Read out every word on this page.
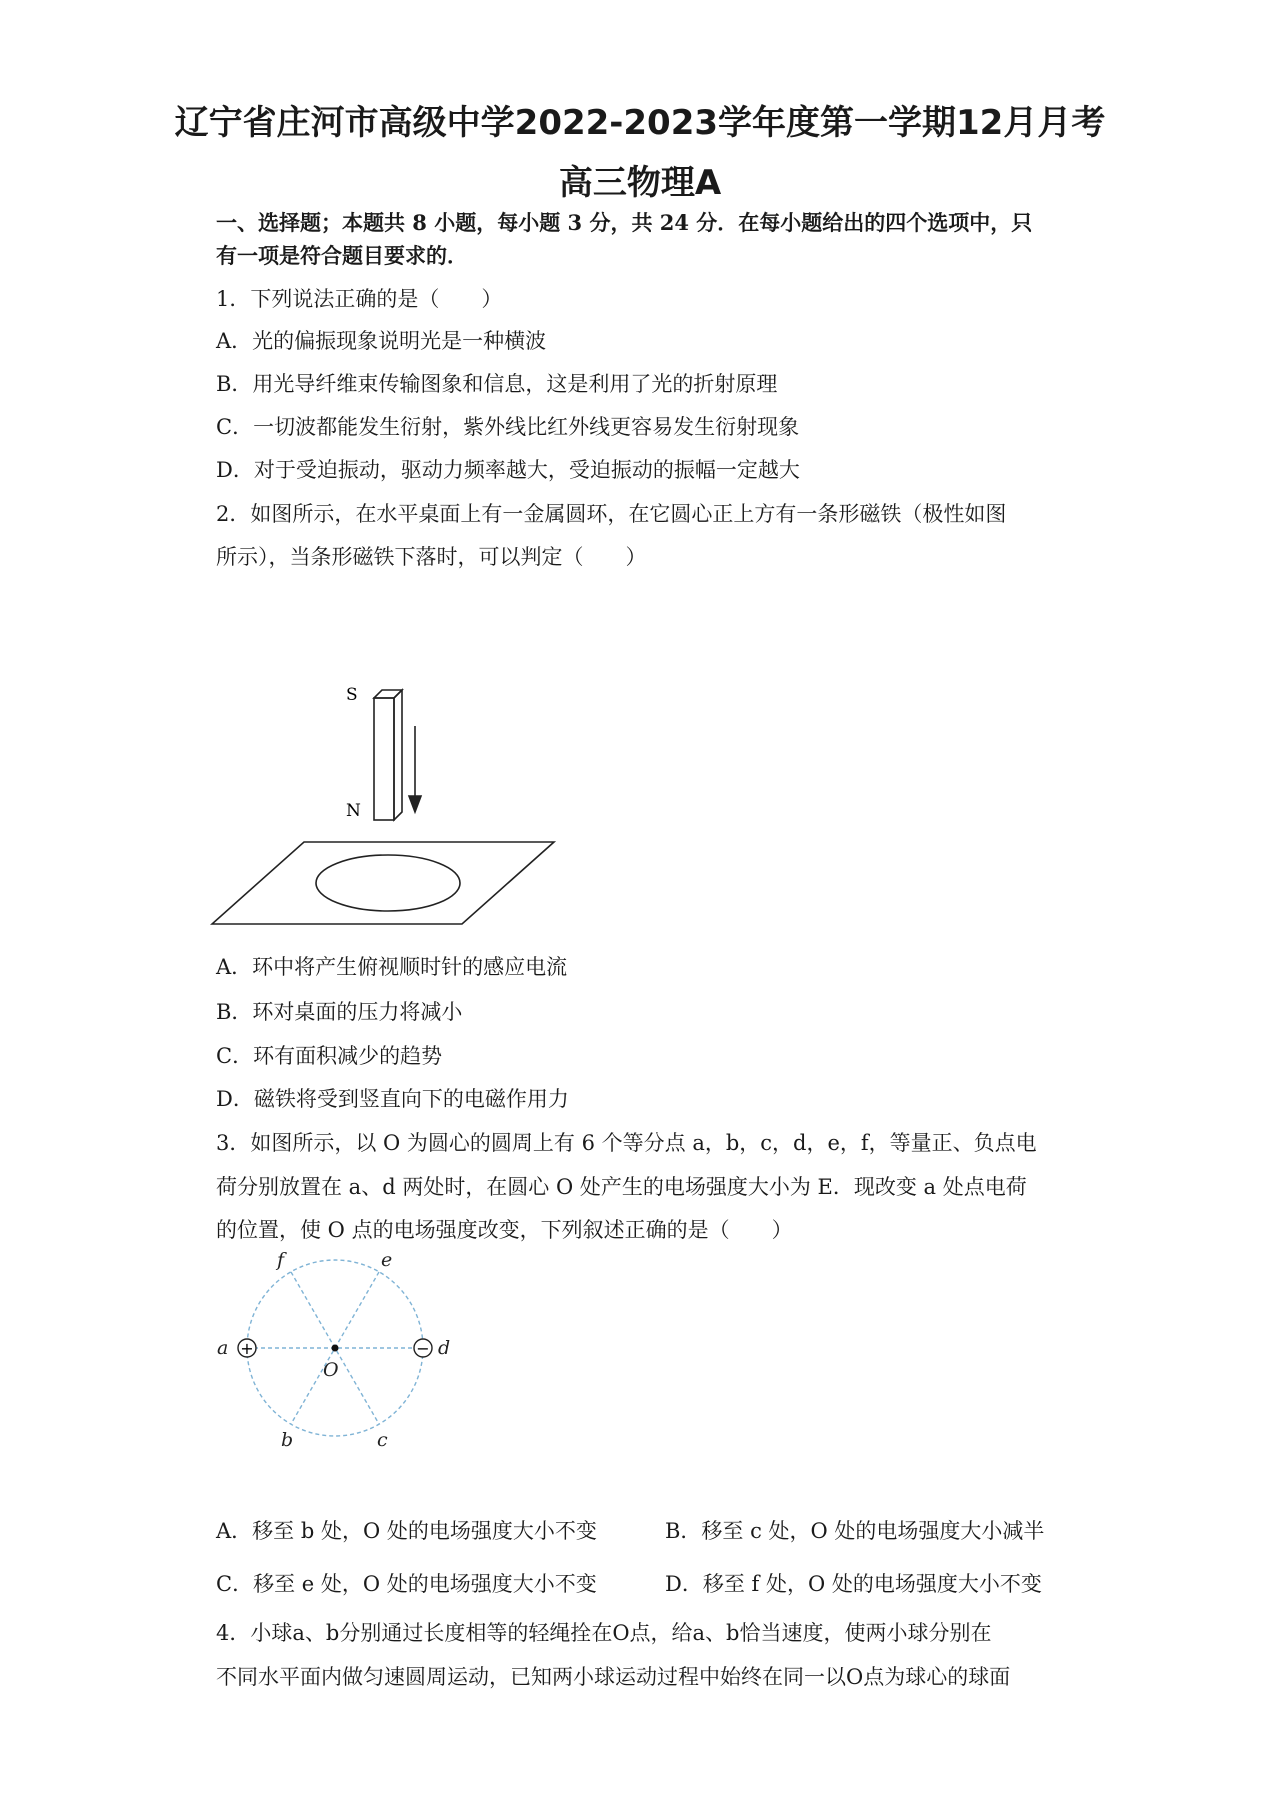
辽宁省庄河市高级中学2022-2023学年度第一学期12月月考
高三物理A
一、选择题；本题共 8 小题，每小题 3 分，共 24 分．在每小题给出的四个选项中，只
有一项是符合题目要求的．
1．下列说法正确的是（　　）
A．光的偏振现象说明光是一种横波
B．用光导纤维束传输图象和信息，这是利用了光的折射原理
C．一切波都能发生衍射，紫外线比红外线更容易发生衍射现象
D．对于受迫振动，驱动力频率越大，受迫振动的振幅一定越大
2．如图所示，在水平桌面上有一金属圆环，在它圆心正上方有一条形磁铁（极性如图
所示），当条形磁铁下落时，可以判定（　　）
S
N
A．环中将产生俯视顺时针的感应电流
B．环对桌面的压力将减小
C．环有面积减少的趋势
D．磁铁将受到竖直向下的电磁作用力
3．如图所示，以 O 为圆心的圆周上有 6 个等分点 a，b，c，d，e，f，等量正、负点电
荷分别放置在 a、d 两处时，在圆心 O 处产生的电场强度大小为 E．现改变 a 处点电荷
的位置，使 O 点的电场强度改变，下列叙述正确的是（　　）
+	−
a	d
f	e
b	c
O
A．移至 b 处，O 处的电场强度大小不变	B．移至 c 处，O 处的电场强度大小减半
C．移至 e 处，O 处的电场强度大小不变	D．移至 f 处，O 处的电场强度大小不变
4．小球a、b分别通过长度相等的轻绳拴在O点，给a、b恰当速度，使两小球分别在
不同水平面内做匀速圆周运动，已知两小球运动过程中始终在同一以O点为球心的球面
